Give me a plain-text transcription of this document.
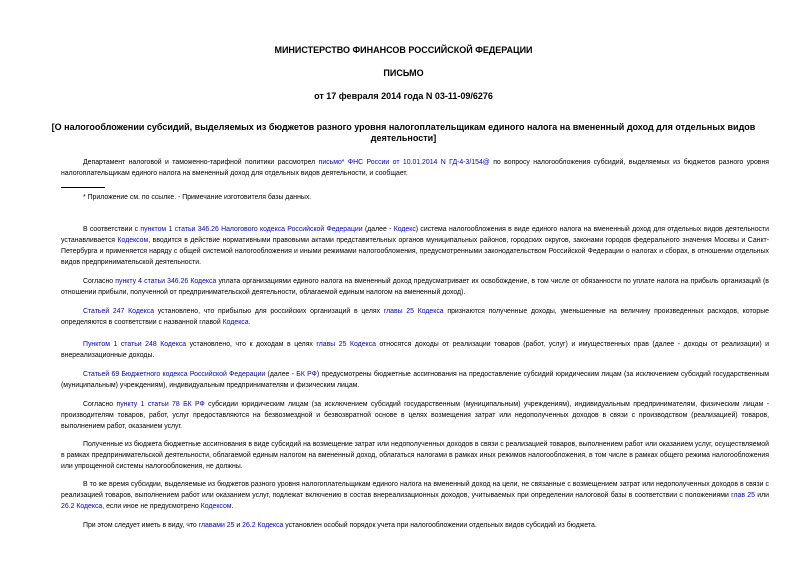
МИНИСТЕРСТВО ФИНАНСОВ РОССИЙСКОЙ ФЕДЕРАЦИИ
ПИСЬМО
от 17 февраля 2014 года N 03-11-09/6276
[О налогообложении субсидий, выделяемых из бюджетов разного уровня налогоплательщикам единого налога на вмененный доход для отдельных видов деятельности]
Департамент налоговой и таможенно-тарифной политики рассмотрел письмо* ФНС России от 10.01.2014 N ГД-4-3/154@ по вопросу налогообложения субсидий, выделяемых из бюджетов разного уровня налогоплательщикам единого налога на вмененный доход для отдельных видов деятельности, и сообщает.
* Приложение см. по ссылке. - Примечание изготовителя базы данных.
В соответствии с пунктом 1 статьи 346.26 Налогового кодекса Российской Федерации (далее - Кодекс) система налогообложения в виде единого налога на вмененный доход для отдельных видов деятельности устанавливается Кодексом, вводится в действие нормативными правовыми актами представительных органов муниципальных районов, городских округов, законами городов федерального значения Москвы и Санкт-Петербурга и применяется наряду с общей системой налогообложения и иными режимами налогообложения, предусмотренными законодательством Российской Федерации о налогах и сборах, в отношении отдельных видов предпринимательской деятельности.
Согласно пункту 4 статьи 346.26 Кодекса уплата организациями единого налога на вмененный доход предусматривает их освобождение, в том числе от обязанности по уплате налога на прибыль организаций (в отношении прибыли, полученной от предпринимательской деятельности, облагаемой единым налогом на вмененный доход).
Статьей 247 Кодекса установлено, что прибылью для российских организаций в целях главы 25 Кодекса признаются полученные доходы, уменьшенные на величину произведенных расходов, которые определяются в соответствии с названной главой Кодекса.
Пунктом 1 статьи 248 Кодекса установлено, что к доходам в целях главы 25 Кодекса относятся доходы от реализации товаров (работ, услуг) и имущественных прав (далее - доходы от реализации) и внереализационные доходы.
Статьей 69 Бюджетного кодекса Российской Федерации (далее - БК РФ) предусмотрены бюджетные ассигнования на предоставление субсидий юридическим лицам (за исключением субсидий государственным (муниципальным) учреждениям), индивидуальным предпринимателям и физическим лицам.
Согласно пункту 1 статьи 78 БК РФ субсидии юридическим лицам (за исключением субсидий государственным (муниципальным) учреждениям), индивидуальным предпринимателям, физическим лицам - производителям товаров, работ, услуг предоставляются на безвозмездной и безвозвратной основе в целях возмещения затрат или недополученных доходов в связи с производством (реализацией) товаров, выполнением работ, оказанием услуг.
Полученные из бюджета бюджетные ассигнования в виде субсидий на возмещение затрат или недополученных доходов в связи с реализацией товаров, выполнением работ или оказанием услуг, осуществляемой в рамках предпринимательской деятельности, облагаемой единым налогом на вмененный доход, облагаться налогами в рамках иных режимов налогообложения, в том числе в рамках общего режима налогообложения или упрощенной системы налогообложения, не должны.
В то же время субсидии, выделяемые из бюджетов разного уровня налогоплательщикам единого налога на вмененный доход на цели, не связанные с возмещением затрат или недополученных доходов в связи с реализацией товаров, выполнением работ или оказанием услуг, подлежат включению в состав внереализационных доходов, учитываемых при определении налоговой базы в соответствии с положениями глав 25 или 26.2 Кодекса, если иное не предусмотрено Кодексом.
При этом следует иметь в виду, что главами 25 и 26.2 Кодекса установлен особый порядок учета при налогообложении отдельных видов субсидий из бюджета.
